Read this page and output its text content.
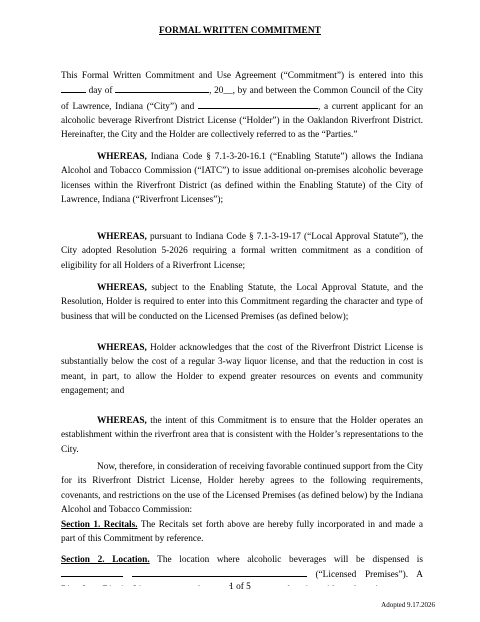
FORMAL WRITTEN COMMITMENT

This Formal Written Commitment and Use Agreement (“Commitment”) is entered into this  day of	, 20__, by and between the Common Council of the City of Lawrence, Indiana (“City”) and	, a current applicant for an alcoholic beverage Riverfront District License (“Holder”) in the Oaklandon Riverfront District. Hereinafter, the City and the Holder are collectively referred to as the “Parties.”

WHEREAS, Indiana Code § 7.1-3-20-16.1 (“Enabling Statute”) allows the Indiana Alcohol and Tobacco Commission (“IATC”) to issue additional on-premises alcoholic beverage licenses within the Riverfront District (as defined within the Enabling Statute) of the City of Lawrence, Indiana (“Riverfront Licenses”);

WHEREAS, pursuant to Indiana Code § 7.1-3-19-17 (“Local Approval Statute”), the City adopted Resolution 5-2026 requiring a formal written commitment as a condition of eligibility for all Holders of a Riverfront License;

WHEREAS, subject to the Enabling Statute, the Local Approval Statute, and the Resolution, Holder is required to enter into this Commitment regarding the character and type of business that will be conducted on the Licensed Premises (as defined below);

WHEREAS, Holder acknowledges that the cost of the Riverfront District License is substantially below the cost of a regular 3-way liquor license, and that the reduction in cost is meant, in part, to allow the Holder to expend greater resources on events and community engagement; and

WHEREAS, the intent of this Commitment is to ensure that the Holder operates an establishment within the riverfront area that is consistent with the Holder’s representations to the City.

Now, therefore, in consideration of receiving favorable continued support from the City for its Riverfront District License, Holder hereby agrees to the following requirements, covenants, and restrictions on the use of the Licensed Premises (as defined below) by the Indiana Alcohol and Tobacco Commission:

Section 1. Recitals. The Recitals set forth above are hereby fully incorporated in and made a part of this Commitment by reference.

Section 2. Location. The location where alcoholic beverages will be dispensed is   (“Licensed Premises”). A

1 of 5
Adopted 9.17.2026
